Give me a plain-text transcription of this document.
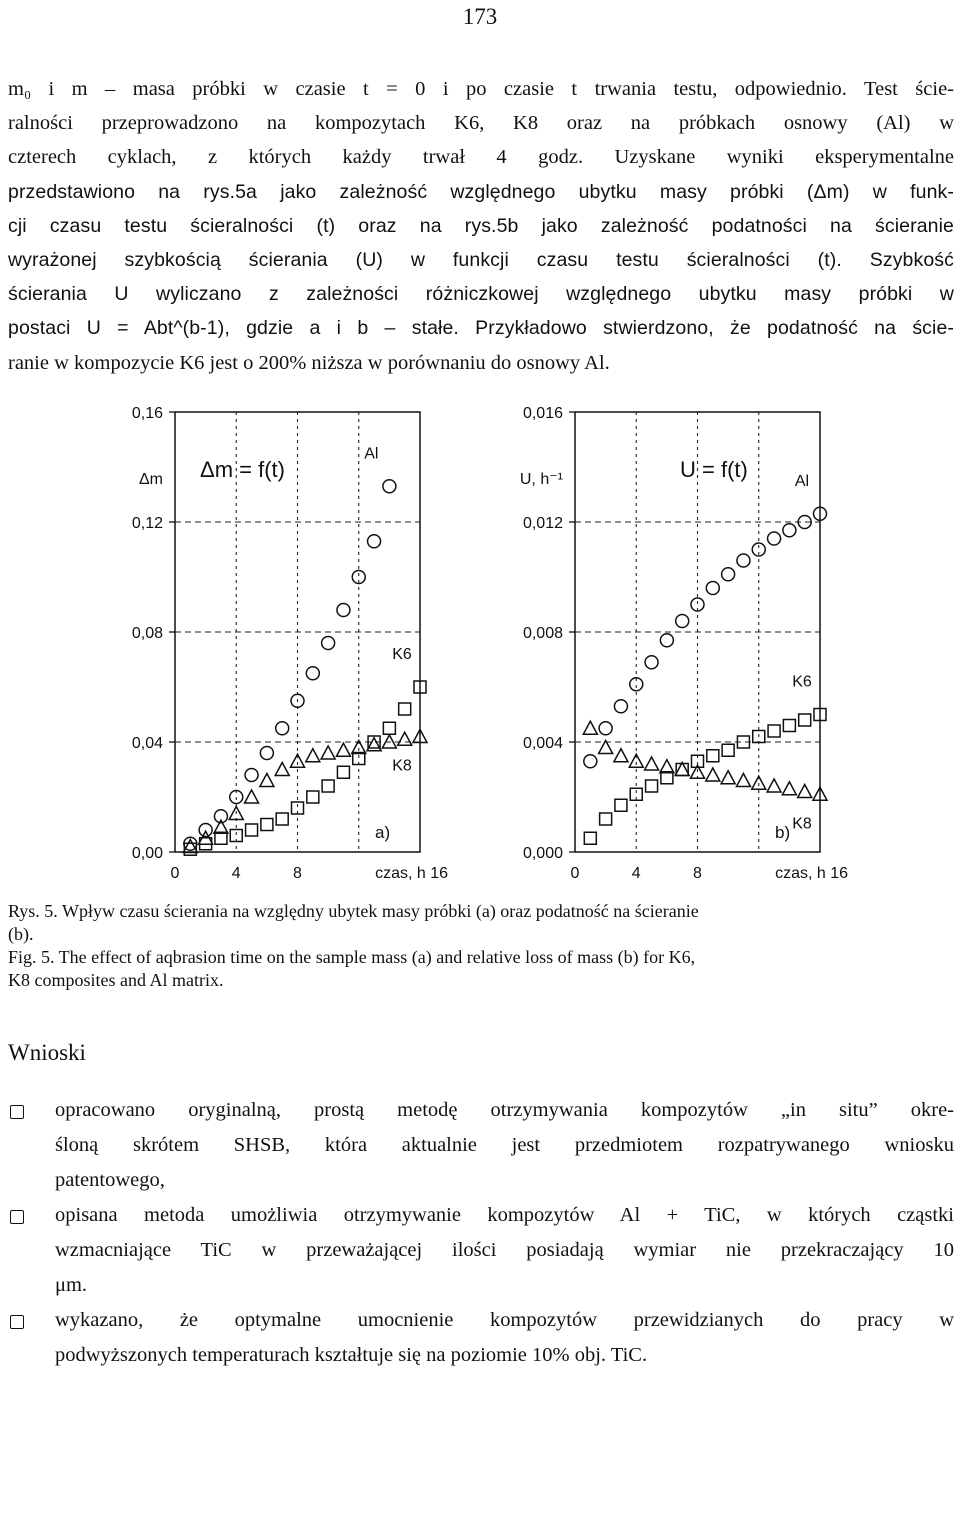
173
m₀ i m – masa próbki w czasie t = 0 i po czasie t trwania testu, odpowiednio. Test ście-
ralności przeprowadzono na kompozytach K6, K8 oraz na próbkach osnowy (Al) w
czterech cyklach, z których każdy trwał 4 godz. Uzyskane wyniki eksperymentalne
przedstawiono na rys.5a jako zależność względnego ubytku masy próbki (Δm) w funk-
cji czasu testu ścieralności (t) oraz na rys.5b jako zależność podatności na ścieranie
wyrażonej szybkością ścierania (U) w funkcji czasu testu ścieralności (t). Szybkość
ścierania U wyliczano z zależności różniczkowej względnego ubytku masy próbki w
postaci U = Abt^(b-1), gdzie a i b – stałe. Przykładowo stwierdzono, że podatność na ście-
ranie w kompozycie K6 jest o 200% niższa w porównaniu do osnowy Al.
0,00
0,04
0,08
0,12
0,16
0	4	8	czas, h 16
Δm Δm = f(t)
a)
Al
K8
K6
0,000
0,004
0,008
0,012
0,016
0	4	8	czas, h 16
U, h⁻¹	U = f(t)
b)
Al
K8
K6
Rys. 5. Wpływ czasu ścierania na względny ubytek masy próbki (a) oraz podatność na ścieranie
(b).
Fig. 5. The effect of aqbrasion time on the sample mass (a) and relative loss of mass (b) for K6,
K8 composites and Al matrix.
Wnioski
opracowano oryginalną, prostą metodę otrzymywania kompozytów „in situ” okre-
śloną skrótem SHSB, która aktualnie jest przedmiotem rozpatrywanego wniosku
patentowego,
opisana metoda umożliwia otrzymywanie kompozytów Al + TiC, w których cząstki
wzmacniające TiC w przeważającej ilości posiadają wymiar nie przekraczający 10
μm.
wykazano, że optymalne umocnienie kompozytów przewidzianych do pracy w
podwyższonych temperaturach kształtuje się na poziomie 10% obj. TiC.
